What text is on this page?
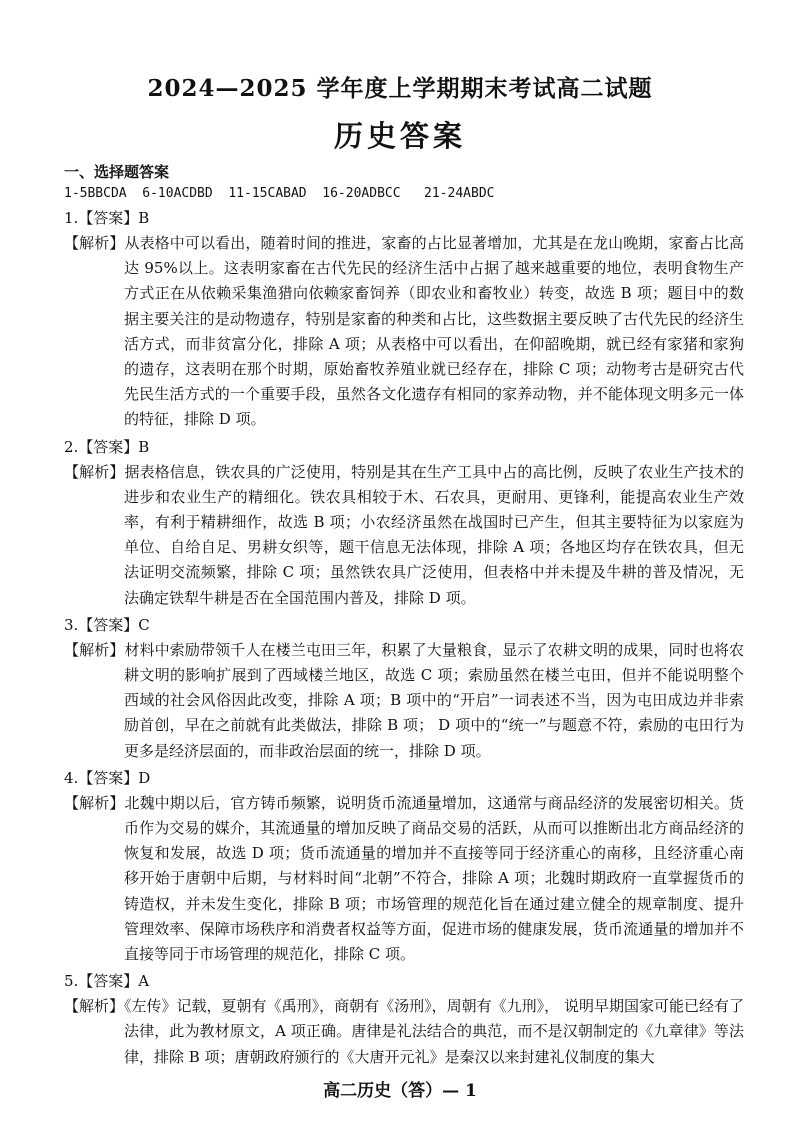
2024—2025 学年度上学期期末考试高二试题
历史答案
一、选择题答案
1-5BBCDA  6-10ACDBD  11-15CABAD  16-20ADBCC   21-24ABDC
1.【答案】B
【解析】从表格中可以看出，随着时间的推进，家畜的占比显著增加，尤其是在龙山晚期，家畜占比高达 95%以上。这表明家畜在古代先民的经济生活中占据了越来越重要的地位，表明食物生产方式正在从依赖采集渔猎向依赖家畜饲养（即农业和畜牧业）转变，故选 B 项；题目中的数据主要关注的是动物遗存，特别是家畜的种类和占比，这些数据主要反映了古代先民的经济生活方式，而非贫富分化，排除 A 项；从表格中可以看出，在仰韶晚期，就已经有家猪和家狗的遗存，这表明在那个时期，原始畜牧养殖业就已经存在，排除 C 项；动物考古是研究古代先民生活方式的一个重要手段，虽然各文化遗存有相同的家养动物，并不能体现文明多元一体的特征，排除 D 项。
2.【答案】B
【解析】据表格信息，铁农具的广泛使用，特别是其在生产工具中占的高比例，反映了农业生产技术的进步和农业生产的精细化。铁农具相较于木、石农具，更耐用、更锋利，能提高农业生产效率，有利于精耕细作，故选 B 项；小农经济虽然在战国时已产生，但其主要特征为以家庭为单位、自给自足、男耕女织等，题干信息无法体现，排除 A 项；各地区均存在铁农具，但无法证明交流频繁，排除 C 项；虽然铁农具广泛使用，但表格中并未提及牛耕的普及情况，无法确定铁犁牛耕是否在全国范围内普及，排除 D 项。
3.【答案】C
【解析】材料中索励带领千人在楼兰屯田三年，积累了大量粮食，显示了农耕文明的成果，同时也将农耕文明的影响扩展到了西域楼兰地区，故选 C 项；索励虽然在楼兰屯田，但并不能说明整个西域的社会风俗因此改变，排除 A 项；B 项中的“开启”一词表述不当，因为屯田成边并非索励首创，早在之前就有此类做法，排除 B 项； D 项中的“统一”与题意不符，索励的屯田行为更多是经济层面的，而非政治层面的统一，排除 D 项。
4.【答案】D
【解析】北魏中期以后，官方铸币频繁，说明货币流通量增加，这通常与商品经济的发展密切相关。货币作为交易的媒介，其流通量的增加反映了商品交易的活跃，从而可以推断出北方商品经济的恢复和发展，故选 D 项；货币流通量的增加并不直接等同于经济重心的南移，且经济重心南移开始于唐朝中后期，与材料时间“北朝”不符合，排除 A 项；北魏时期政府一直掌握货币的铸造权，并未发生变化，排除 B 项；市场管理的规范化旨在通过建立健全的规章制度、提升管理效率、保障市场秩序和消费者权益等方面，促进市场的健康发展，货币流通量的增加并不直接等同于市场管理的规范化，排除 C 项。
5.【答案】A
【解析】《左传》记载，夏朝有《禹刑》，商朝有《汤刑》，周朝有《九刑》， 说明早期国家可能已经有了法律，此为教材原文，A 项正确。唐律是礼法结合的典范，而不是汉朝制定的《九章律》等法律，排除 B 项；唐朝政府颁行的《大唐开元礼》是秦汉以来封建礼仪制度的集大
高二历史（答）— 1
